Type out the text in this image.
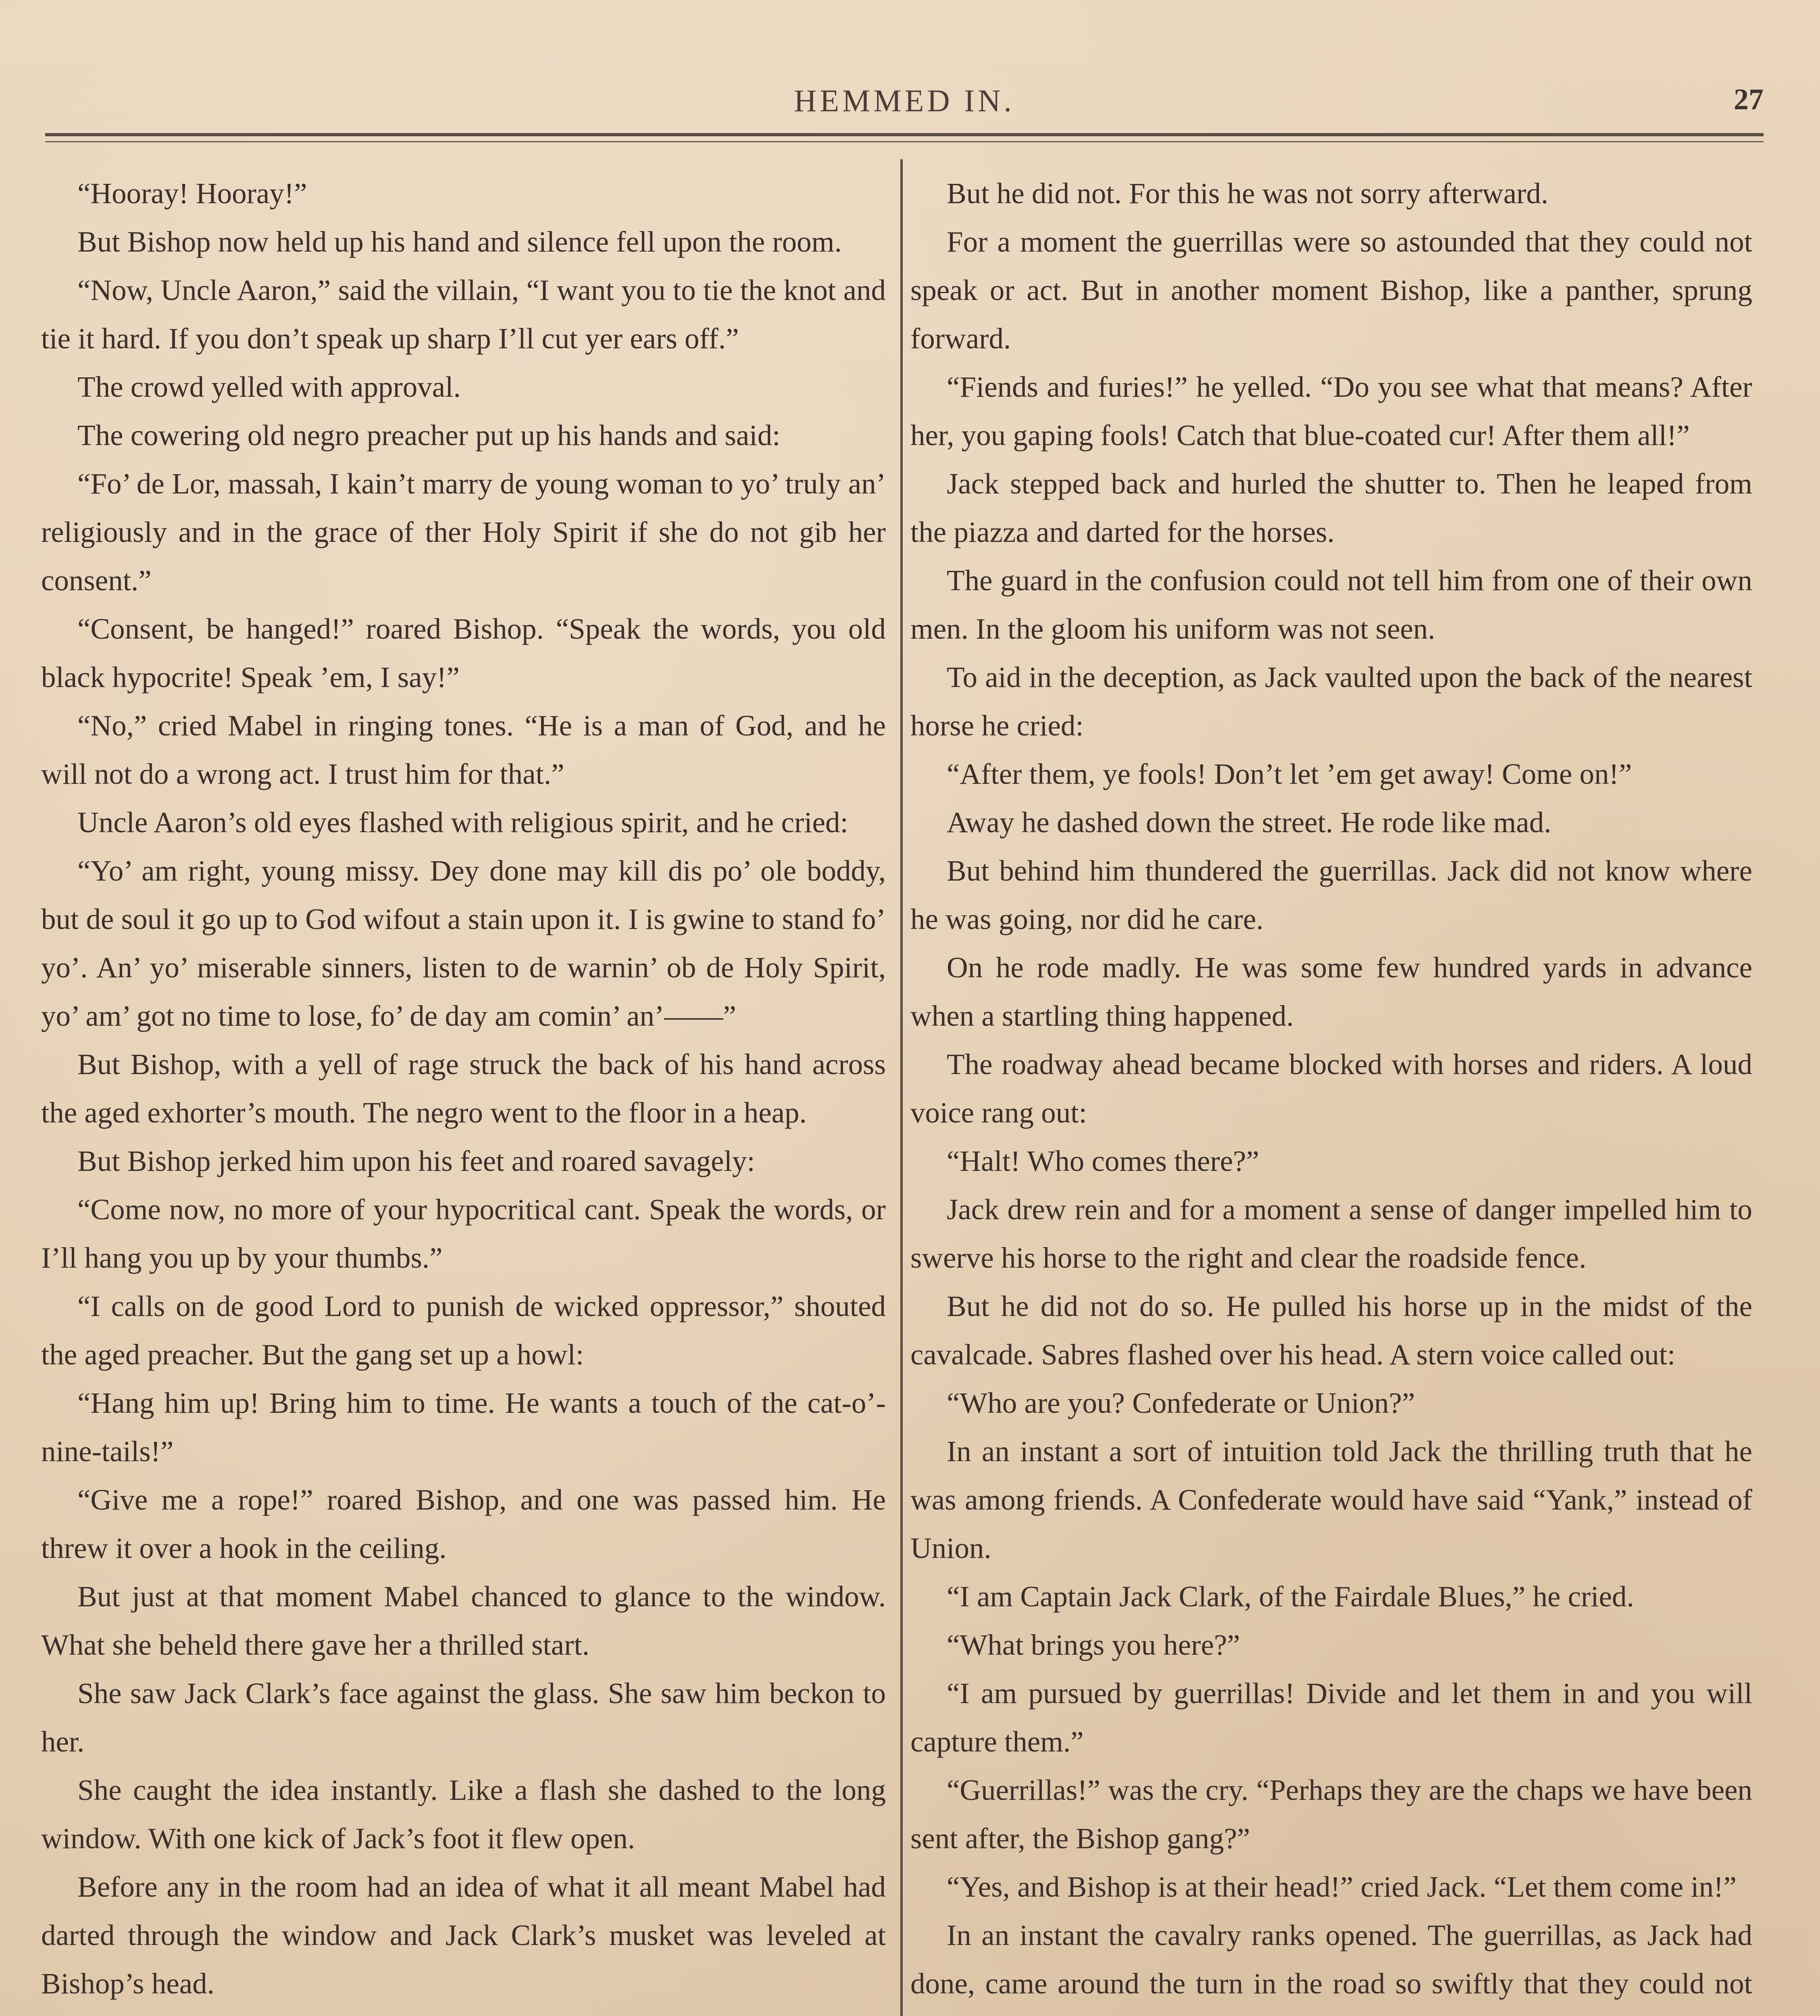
HEMMED IN.	27

“Hooray! Hooray!”

But Bishop now held up his hand and silence fell upon the room.

“Now, Uncle Aaron,” said the villain, “I want you to tie the knot and tie it hard. If you don’t speak up sharp I’ll cut yer ears off.”

The crowd yelled with approval.

The cowering old negro preacher put up his hands and said:

“Fo’ de Lor, massah, I kain’t marry de young woman to yo’ truly an’ religiously and in the grace of ther Holy Spirit if she do not gib her consent.”

“Consent, be hanged!” roared Bishop. “Speak the words, you old black hypocrite! Speak ’em, I say!”

“No,” cried Mabel in ringing tones. “He is a man of God, and he will not do a wrong act. I trust him for that.”

Uncle Aaron’s old eyes flashed with religious spirit, and he cried:

“Yo’ am right, young missy. Dey done may kill dis po’ ole boddy, but de soul it go up to God wifout a stain upon it. I is gwine to stand fo’ yo’. An’ yo’ miserable sinners, listen to de warnin’ ob de Holy Spirit, yo’ am’ got no time to lose, fo’ de day am comin’ an’——”

But Bishop, with a yell of rage struck the back of his hand across the aged exhorter’s mouth. The negro went to the floor in a heap.

But Bishop jerked him upon his feet and roared savagely:

“Come now, no more of your hypocritical cant. Speak the words, or I’ll hang you up by your thumbs.”

“I calls on de good Lord to punish de wicked oppressor,” shouted the aged preacher. But the gang set up a howl:

“Hang him up! Bring him to time. He wants a touch of the cat-o’-nine-tails!”

“Give me a rope!” roared Bishop, and one was passed him. He threw it over a hook in the ceiling.

But just at that moment Mabel chanced to glance to the window. What she beheld there gave her a thrilled start.

She saw Jack Clark’s face against the glass. She saw him beckon to her.

She caught the idea instantly. Like a flash she dashed to the long window. With one kick of Jack’s foot it flew open.

Before any in the room had an idea of what it all meant Mabel had darted through the window and Jack Clark’s musket was leveled at Bishop’s head.

But he did not. For this he was not sorry afterward.

For a moment the guerrillas were so astounded that they could not speak or act. But in another moment Bishop, like a panther, sprung forward.

“Fiends and furies!” he yelled. “Do you see what that means? After her, you gaping fools! Catch that blue-coated cur! After them all!”

Jack stepped back and hurled the shutter to. Then he leaped from the piazza and darted for the horses.

The guard in the confusion could not tell him from one of their own men. In the gloom his uniform was not seen.

To aid in the deception, as Jack vaulted upon the back of the nearest horse he cried:

“After them, ye fools! Don’t let ’em get away! Come on!”

Away he dashed down the street. He rode like mad.

But behind him thundered the guerrillas. Jack did not know where he was going, nor did he care.

On he rode madly. He was some few hundred yards in advance when a startling thing happened.

The roadway ahead became blocked with horses and riders. A loud voice rang out:

“Halt! Who comes there?”

Jack drew rein and for a moment a sense of danger impelled him to swerve his horse to the right and clear the roadside fence.

But he did not do so. He pulled his horse up in the midst of the cavalcade. Sabres flashed over his head. A stern voice called out:

“Who are you? Confederate or Union?”

In an instant a sort of intuition told Jack the thrilling truth that he was among friends. A Confederate would have said “Yank,” instead of Union.

“I am Captain Jack Clark, of the Fairdale Blues,” he cried.

“What brings you here?”

“I am pursued by guerrillas! Divide and let them in and you will capture them.”

“Guerrillas!” was the cry. “Perhaps they are the chaps we have been sent after, the Bishop gang?”

“Yes, and Bishop is at their head!” cried Jack. “Let them come in!”

In an instant the cavalry ranks opened. The guerrillas, as Jack had done, came around the turn in the road so swiftly that they could not
